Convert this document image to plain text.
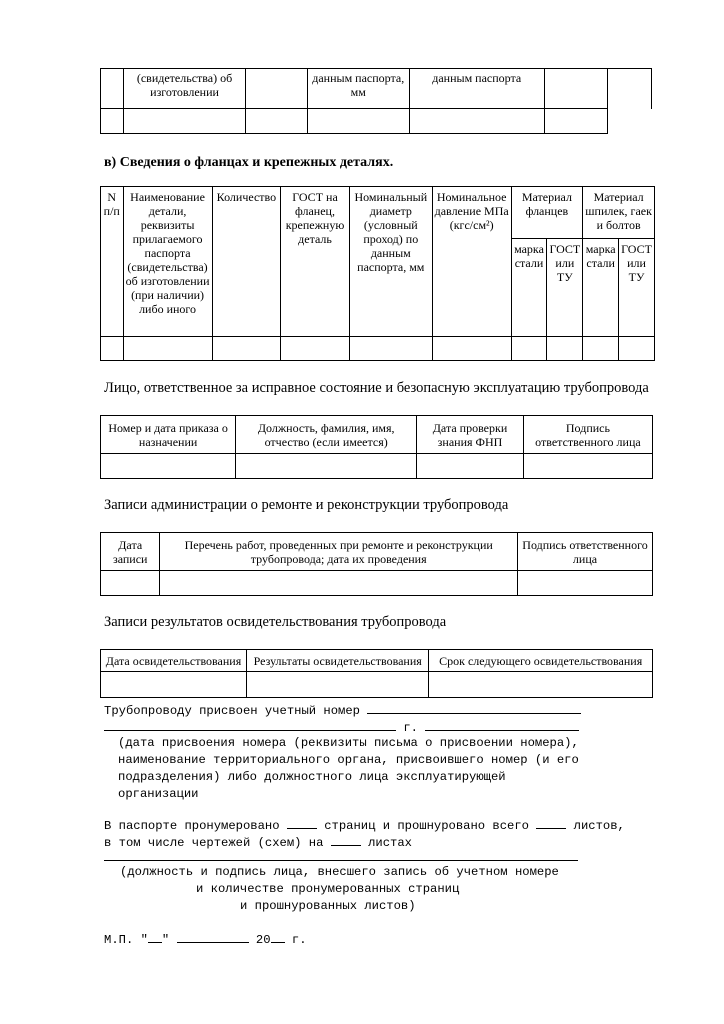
	(свидетельства) об изготовлении		данным паспорта, мм	данным паспорта		

в) Сведения о фланцах и крепежных деталях.
N п/п	Наименование детали, реквизиты прилагаемого паспорта (свидетельства) об изготовлении (при наличии) либо иного	Количество	ГОСТ на фланец, крепежную деталь	Номинальный диаметр (условный проход) по данным паспорта, мм	Номинальное давление МПа (кгс/см²)	Материал фланцев		Материал шпилек, гаек и болтов	
						марка стали	ГОСТ или ТУ	марка стали	ГОСТ или ТУ

Лицо, ответственное за исправное состояние и безопасную эксплуатацию трубопровода
Номер и дата приказа о назначении	Должность, фамилия, имя, отчество (если имеется)	Дата проверки знания ФНП	Подпись ответственного лица

Записи администрации о ремонте и реконструкции трубопровода
Дата записи	Перечень работ, проведенных при ремонте и реконструкции трубопровода; дата их проведения	Подпись ответственного лица

Записи результатов освидетельствования трубопровода
Дата освидетельствования	Результаты освидетельствования	Срок следующего освидетельствования

Трубопроводу присвоен учетный номер
г.
(дата присвоения номера (реквизиты письма о присвоении номера),
наименование территориального органа, присвоившего номер (и его
подразделения) либо должностного лица эксплуатирующей
организации
В паспорте пронумеровано	страниц и прошнуровано всего	листов,
в том числе чертежей (схем) на	листах
(должность и подпись лица, внесшего запись об учетном номере
и количестве пронумерованных страниц
и прошнурованных листов)
М.П. " "	20 г.
